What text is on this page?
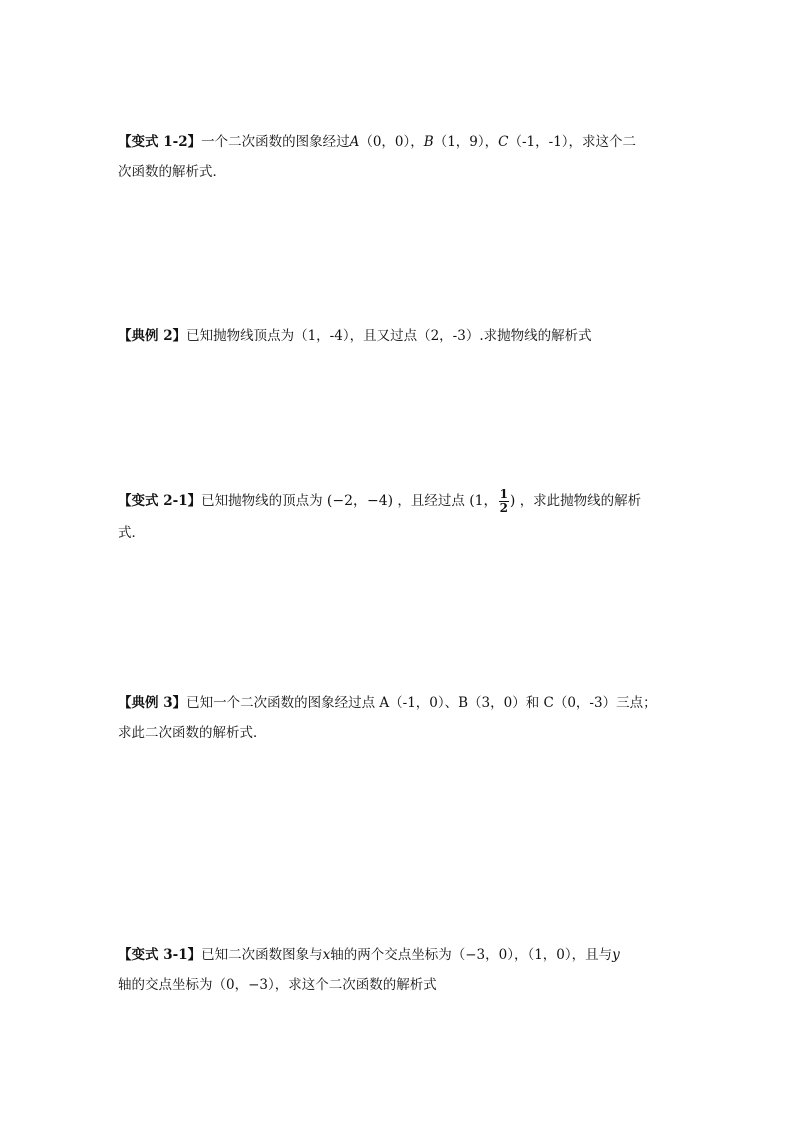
【变式 1-2】一个二次函数的图象经过A（0，0），B（1，9），C（-1，-1），求这个二
次函数的解析式．
【典例 2】已知抛物线顶点为（1，-4），且又过点（2，-3）.求抛物线的解析式
【变式 2-1】已知抛物线的顶点为 (−2，−4) ，且经过点 (1， $\frac{1}{2}$ ) ，求此抛物线的解析
式．
【典例 3】已知一个二次函数的图象经过点 A（-1，0）、B（3，0）和 C（0，-3）三点；
求此二次函数的解析式．
【变式 3-1】已知二次函数图象与x轴的两个交点坐标为（−3，0），（1，0），且与y
轴的交点坐标为（0，−3），求这个二次函数的解析式
